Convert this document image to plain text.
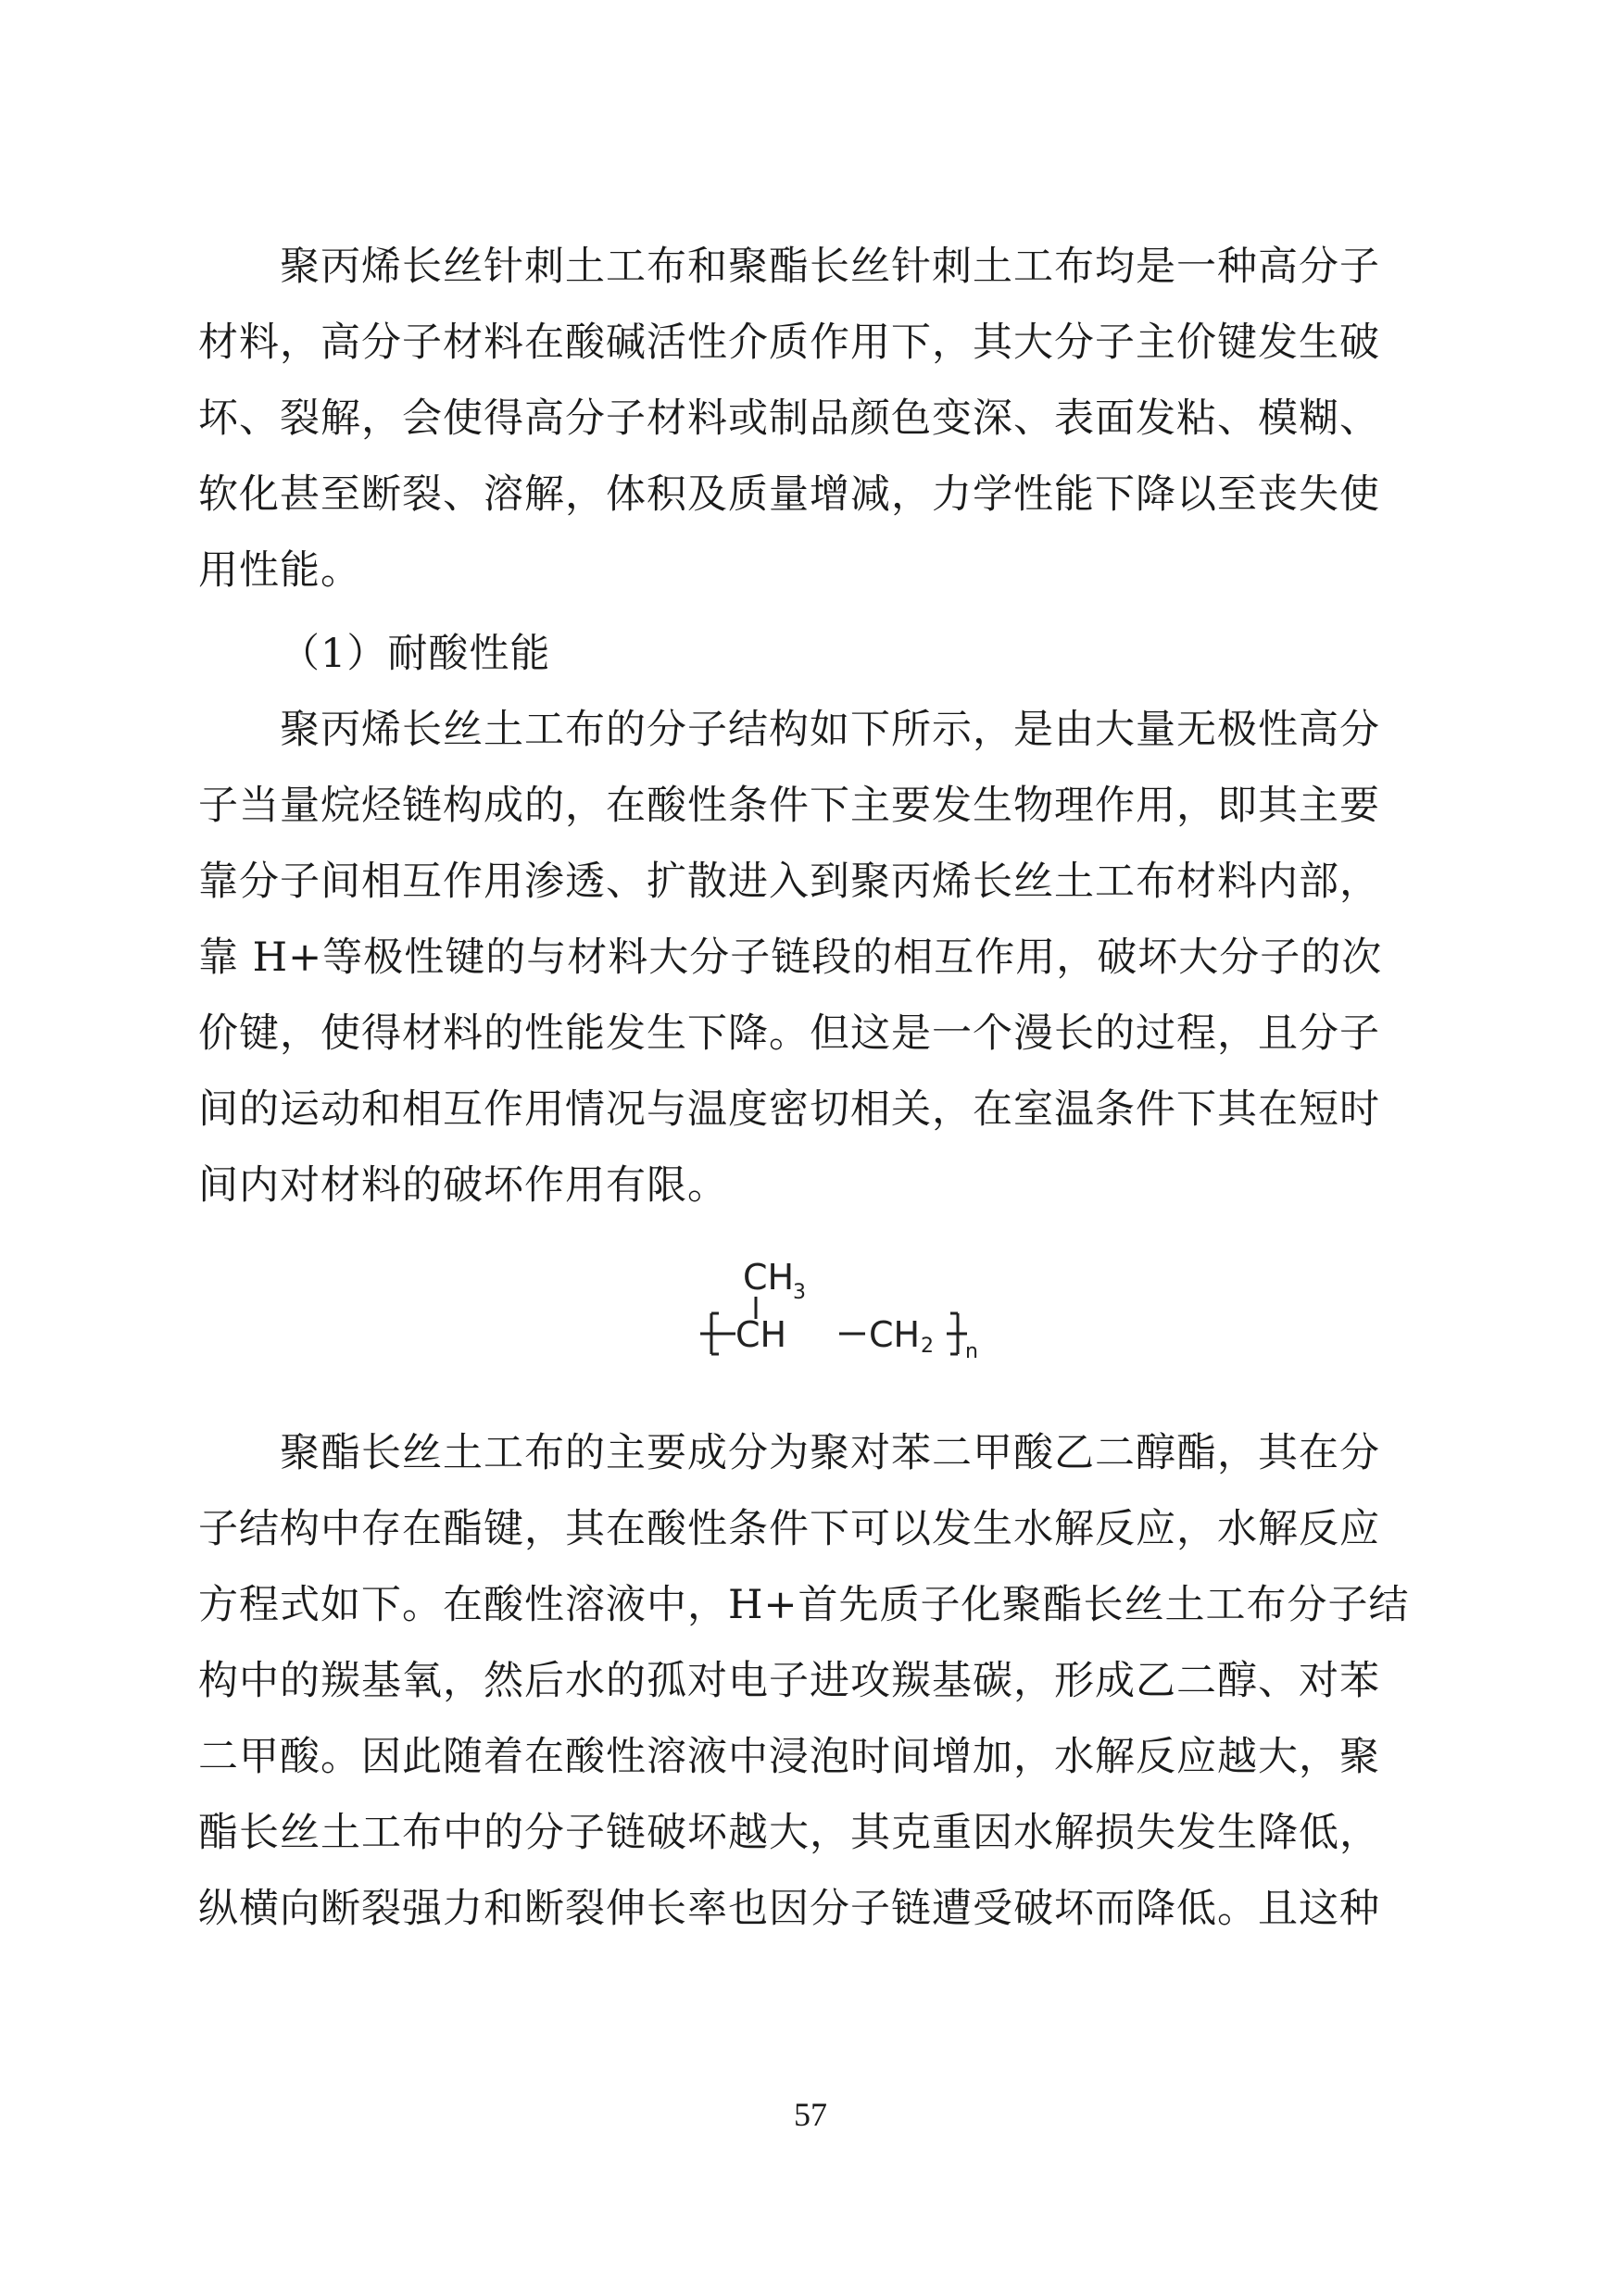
聚丙烯长丝针刺土工布和聚酯长丝针刺土工布均是一种高分子
材料，高分子材料在酸碱活性介质作用下，其大分子主价键发生破
坏、裂解，会使得高分子材料或制品颜色变深、表面发粘、模糊、
软化甚至断裂、溶解，体积及质量增减，力学性能下降以至丧失使
用性能。

（1）耐酸性能

聚丙烯长丝土工布的分子结构如下所示，是由大量无极性高分
子当量烷烃链构成的，在酸性条件下主要发生物理作用，即其主要
靠分子间相互作用渗透、扩散进入到聚丙烯长丝土工布材料内部，
靠 H+等极性键的与材料大分子链段的相互作用，破坏大分子的次
价键，使得材料的性能发生下降。但这是一个漫长的过程，且分子
间的运动和相互作用情况与温度密切相关，在室温条件下其在短时
间内对材料的破坏作用有限。
CH
3
CH CH 2 n
聚酯长丝土工布的主要成分为聚对苯二甲酸乙二醇酯，其在分
子结构中存在酯键，其在酸性条件下可以发生水解反应，水解反应
方程式如下。在酸性溶液中，H+首先质子化聚酯长丝土工布分子结
构中的羰基氧，然后水的孤对电子进攻羰基碳，形成乙二醇、对苯
二甲酸。因此随着在酸性溶液中浸泡时间增加，水解反应越大，聚
酯长丝土工布中的分子链破坏越大，其克重因水解损失发生降低，
纵横向断裂强力和断裂伸长率也因分子链遭受破坏而降低。且这种
57
